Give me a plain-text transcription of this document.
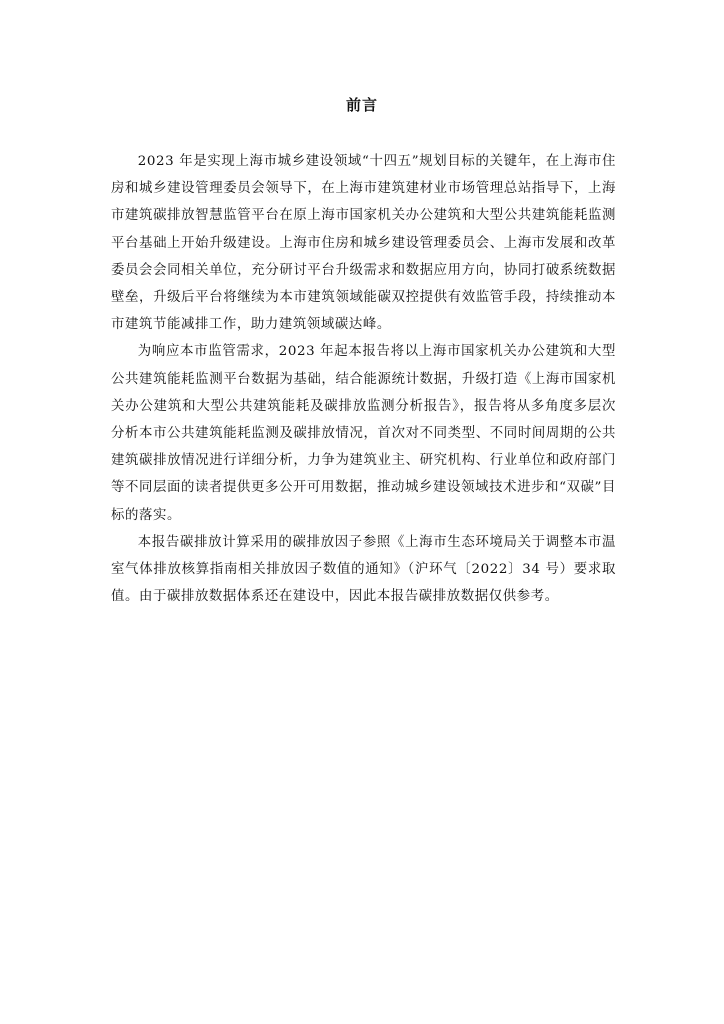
前言

2023 年是实现上海市城乡建设领域“十四五”规划目标的关键年，在上海市住房和城乡建设管理委员会领导下，在上海市建筑建材业市场管理总站指导下，上海市建筑碳排放智慧监管平台在原上海市国家机关办公建筑和大型公共建筑能耗监测平台基础上开始升级建设。上海市住房和城乡建设管理委员会、上海市发展和改革委员会会同相关单位，充分研讨平台升级需求和数据应用方向，协同打破系统数据壁垒，升级后平台将继续为本市建筑领域能碳双控提供有效监管手段，持续推动本市建筑节能减排工作，助力建筑领域碳达峰。

为响应本市监管需求，2023 年起本报告将以上海市国家机关办公建筑和大型公共建筑能耗监测平台数据为基础，结合能源统计数据，升级打造《上海市国家机关办公建筑和大型公共建筑能耗及碳排放监测分析报告》，报告将从多角度多层次分析本市公共建筑能耗监测及碳排放情况，首次对不同类型、不同时间周期的公共建筑碳排放情况进行详细分析，力争为建筑业主、研究机构、行业单位和政府部门等不同层面的读者提供更多公开可用数据，推动城乡建设领域技术进步和“双碳”目标的落实。

本报告碳排放计算采用的碳排放因子参照《上海市生态环境局关于调整本市温室气体排放核算指南相关排放因子数值的通知》（沪环气〔2022〕34 号）要求取值。由于碳排放数据体系还在建设中，因此本报告碳排放数据仅供参考。
